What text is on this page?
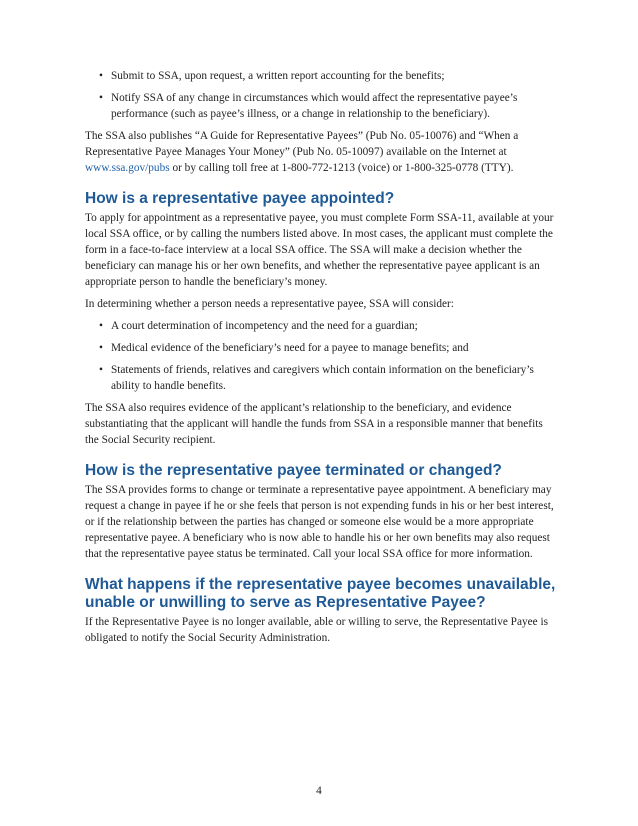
• Submit to SSA, upon request, a written report accounting for the benefits;
• Notify SSA of any change in circumstances which would affect the representative payee’s performance (such as payee’s illness, or a change in relationship to the beneficiary).

The SSA also publishes “A Guide for Representative Payees” (Pub No. 05-10076) and “When a Representative Payee Manages Your Money” (Pub No. 05-10097) available on the Internet at www.ssa.gov/pubs or by calling toll free at 1-800-772-1213 (voice) or 1-800-325-0778 (TTY).

How is a representative payee appointed?

To apply for appointment as a representative payee, you must complete Form SSA-11, available at your local SSA office, or by calling the numbers listed above. In most cases, the applicant must complete the form in a face-to-face interview at a local SSA office. The SSA will make a decision whether the beneficiary can manage his or her own benefits, and whether the representative payee applicant is an appropriate person to handle the beneficiary’s money.

In determining whether a person needs a representative payee, SSA will consider:

• A court determination of incompetency and the need for a guardian;
• Medical evidence of the beneficiary’s need for a payee to manage benefits; and
• Statements of friends, relatives and caregivers which contain information on the beneficiary’s ability to handle benefits.

The SSA also requires evidence of the applicant’s relationship to the beneficiary, and evidence substantiating that the applicant will handle the funds from SSA in a responsible manner that benefits the Social Security recipient.

How is the representative payee terminated or changed?

The SSA provides forms to change or terminate a representative payee appointment. A beneficiary may request a change in payee if he or she feels that person is not expending funds in his or her best interest, or if the relationship between the parties has changed or someone else would be a more appropriate representative payee. A beneficiary who is now able to handle his or her own benefits may also request that the representative payee status be terminated. Call your local SSA office for more information.

What happens if the representative payee becomes unavailable, unable or unwilling to serve as Representative Payee?

If the Representative Payee is no longer available, able or willing to serve, the Representative Payee is obligated to notify the Social Security Administration.

4
